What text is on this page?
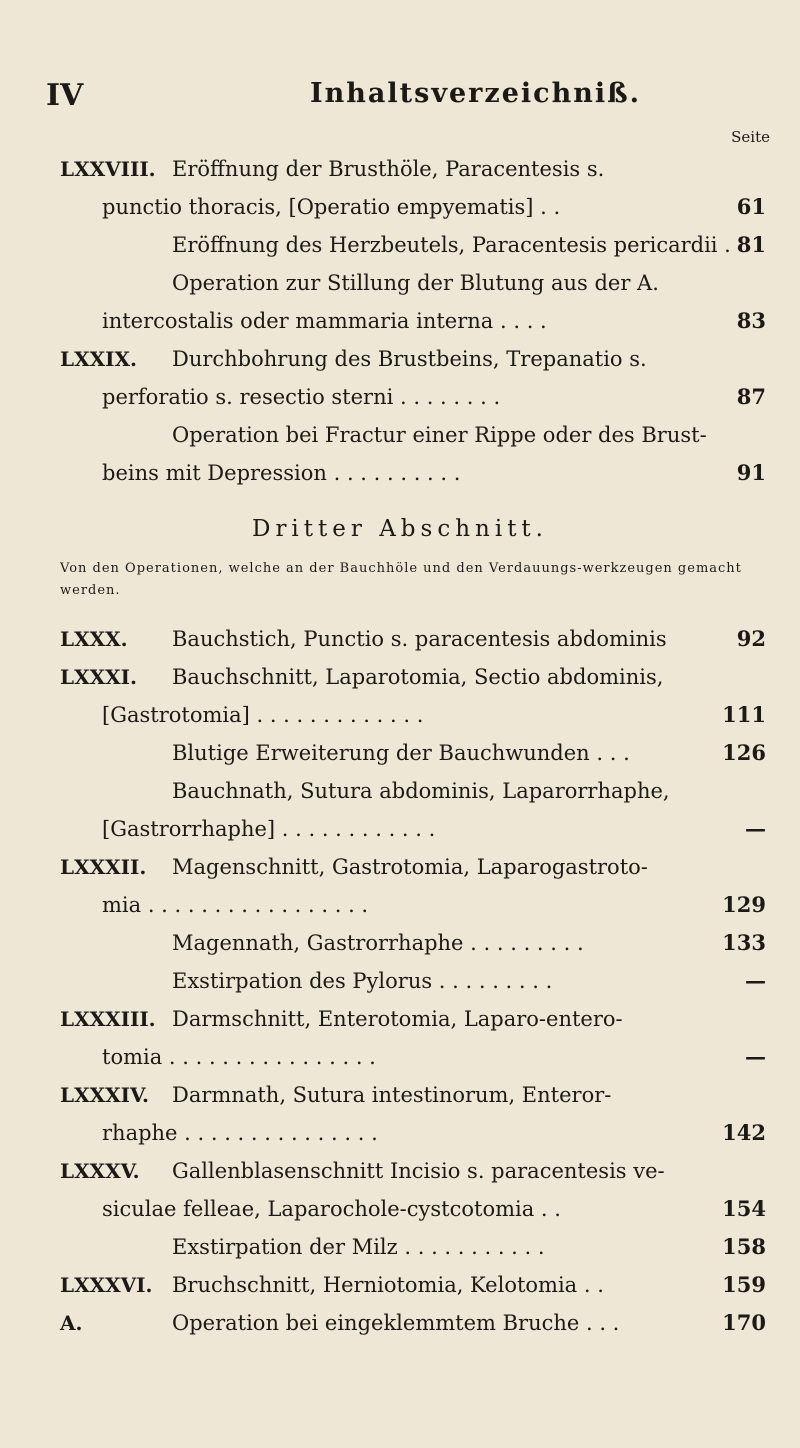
IV	Inhaltsverzeichniß.
Seite
LXXVIII. Eröffnung der Brusthöle, Paracentesis s.
punctio thoracis, [Operatio empyematis] . .	61
Eröffnung des Herzbeutels, Paracentesis pericardii . 81
Operation zur Stillung der Blutung aus der A.
intercostalis oder mammaria interna . . . .	83
LXXIX. Durchbohrung des Brustbeins, Trepanatio s.
perforatio s. resectio sterni . . . . . . . .	87
Operation bei Fractur einer Rippe oder des Brust-
beins mit Depression . . . . . . . . . .	91
Dritter Abschnitt.
Von den Operationen, welche an der Bauchhöle und den Verdauungs-werkzeugen gemacht werden.
LXXX. Bauchstich, Punctio s. paracentesis abdominis	92
LXXXI. Bauchschnitt, Laparotomia, Sectio abdominis,
[Gastrotomia] . . . . . . . . . . . . .	111
Blutige Erweiterung der Bauchwunden . . .	126
Bauchnath, Sutura abdominis, Laparorrhaphe,
[Gastrorrhaphe] . . . . . . . . . . . .	—
LXXXII. Magenschnitt, Gastrotomia, Laparogastroto-
mia . . . . . . . . . . . . . . . . .	129
Magennath, Gastrorrhaphe . . . . . . . . .	133
Exstirpation des Pylorus . . . . . . . . .	—
LXXXIII. Darmschnitt, Enterotomia, Laparo-entero-
tomia . . . . . . . . . . . . . . . .	—
LXXXIV. Darmnath, Sutura intestinorum, Enteror-
rhaphe . . . . . . . . . . . . . . .	142
LXXXV. Gallenblasenschnitt Incisio s. paracentesis ve-
siculae felleae, Laparochole-cystcotomia . .	154
Exstirpation der Milz . . . . . . . . . . .	158
LXXXVI. Bruchschnitt, Herniotomia, Kelotomia . .	159
A.	Operation bei eingeklemmtem Bruche . . .	170
